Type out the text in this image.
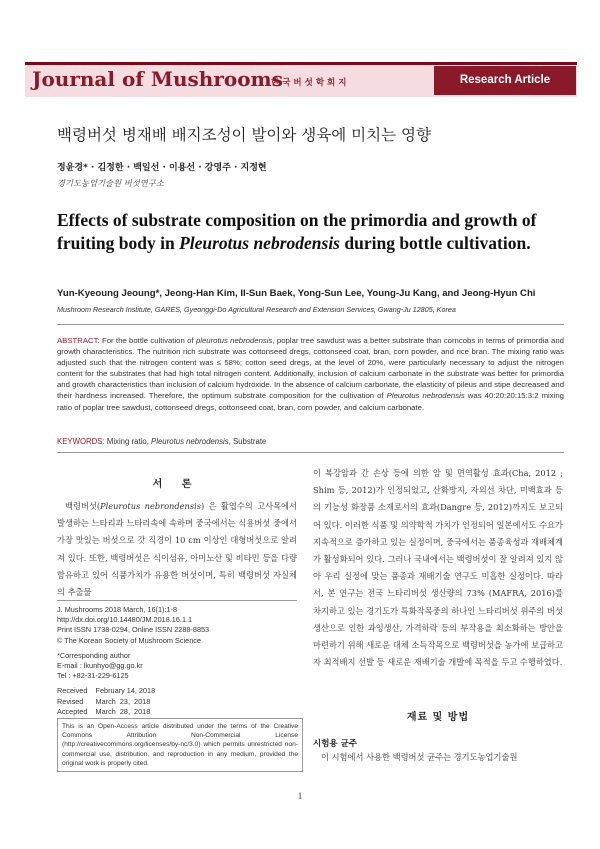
Journal of Mushrooms
한국버섯학회지	Research Article
백령버섯 병재배 배지조성이 발이와 생육에 미치는 영향
정윤경* · 김정한 · 백일선 · 이용선 · 강영주 · 지정현
경기도농업기술원 버섯연구소
Effects of substrate composition on the primordia and growth of fruiting body in Pleurotus nebrodensis during bottle cultivation.
Yun-Kyeoung Jeoung*, Jeong-Han Kim, Il-Sun Baek, Yong-Sun Lee, Young-Ju Kang, and Jeong-Hyun Chi
Mushroom Research Institute, GARES, Gyeonggi-Do Agricultural Research and Extension Services, Gwang-Ju 12805, Korea
ABSTRACT: For the bottle cultivation of pleurotus nebrodensis, poplar tree sawdust was a better substrate than corncobs in terms of primordia and growth characteristics. The nutrition rich substrate was cottonseed dregs, cottonseed coat, bran, corn powder, and rice bran. The mixing ratio was adjusted such that the nitrogen content was ≤ 58%; cotton seed dregs, at the level of 20%, were particularly necessary to adjust the nitrogen content for the substrates that had high total nitrogen content. Additionally, inclusion of calcium carbonate in the substrate was better for primordia and growth characteristics than inclusion of calcium hydroxide. In the absence of calcium carbonate, the elasticity of pileus and stipe decreased and their hardness increased. Therefore, the optimum substrate composition for the cultivation of Pleurotus nebrodensis was 40:20:20:15:3:2 mixing ratio of poplar tree sawdust, cottonseed dregs, cottonseed coat, bran, corn powder, and calcium carbonate.
KEYWORDS: Mixing ratio, Pleurotus nebrodensis, Substrate
서 론
백령버섯(Pleurotus nebrondensis) 은 활엽수의 고사목에서 발생하는 느타리과 느타리속에 속하며 중국에서는 식용버섯 중에서 가장 맛있는 버섯으로 갓 직경이 10 cm 이상인 대형버섯으로 알려져 있다. 또한, 백령버섯은 식이섬유, 아미노산 및 비타민 등을 다량 함유하고 있어 식품가치가 유용한 버섯이며, 특히 백령버섯 자실체의 추출물
J. Mushrooms 2018 March, 16(1):1-8
http://dx.doi.org/10.14480/JM.2018.16.1.1
Print ISSN 1738-0294, Online ISSN 2288-8853
© The Korean Society of Mushroom Science
*Corresponding author
E-mail : lkunhyo@gg.go.kr
Tel : +82-31-229-6125
Received    February 14, 2018
Revised      March  23,  2018
Accepted    March  28,  2018
This is an Open-Access article distributed under the terms of the Creative Commons Attribution Non-Commercial License (http://creativecommons.org/licenses/by-nc/3.0) which permits unrestricted non-commercial use, distribution, and reproduction in any medium, provided the original work is properly cited.
이 복강암과 간 손상 등에 의한 암 및 면역활성 효과(Cha, 2012 ; Shim 등, 2012)가 인정되었고, 산화방지, 자외선 차단, 미백효과 등의 기능성 화장품 소재로서의 효과(Dangre 등, 2012)까지도 보고되어 있다. 이러한 식품 및 의약학적 가치가 인정되어 일본에서도 수요가 지속적으로 증가하고 있는 실정이며, 중국에서는 품종육성과 재배체계가 활성화되어 있다. 그러나 국내에서는 백령버섯이 잘 알려져 있지 않아 우리 실정에 맞는 품종과 재배기술 연구도 미흡한 실정이다. 따라서, 본 연구는 전국 느타리버섯 생산량의 73% (MAFRA, 2016)를 차지하고 있는 경기도가 특화작목중의 하나인 느타리버섯 위주의 버섯생산으로 인한 과잉생산, 가격하락 등의 부작용을 최소화하는 방안을 마련하기 위해 새로운 대체 소득작목으로 백령버섯을 농가에 보급하고자 최적배지 선발 등 새로운 재배기술 개발에 목적을 두고 수행하였다.
재료 및 방법
시험용 균주
이 시험에서 사용한 백령버섯 균주는 경기도농업기술원
1
